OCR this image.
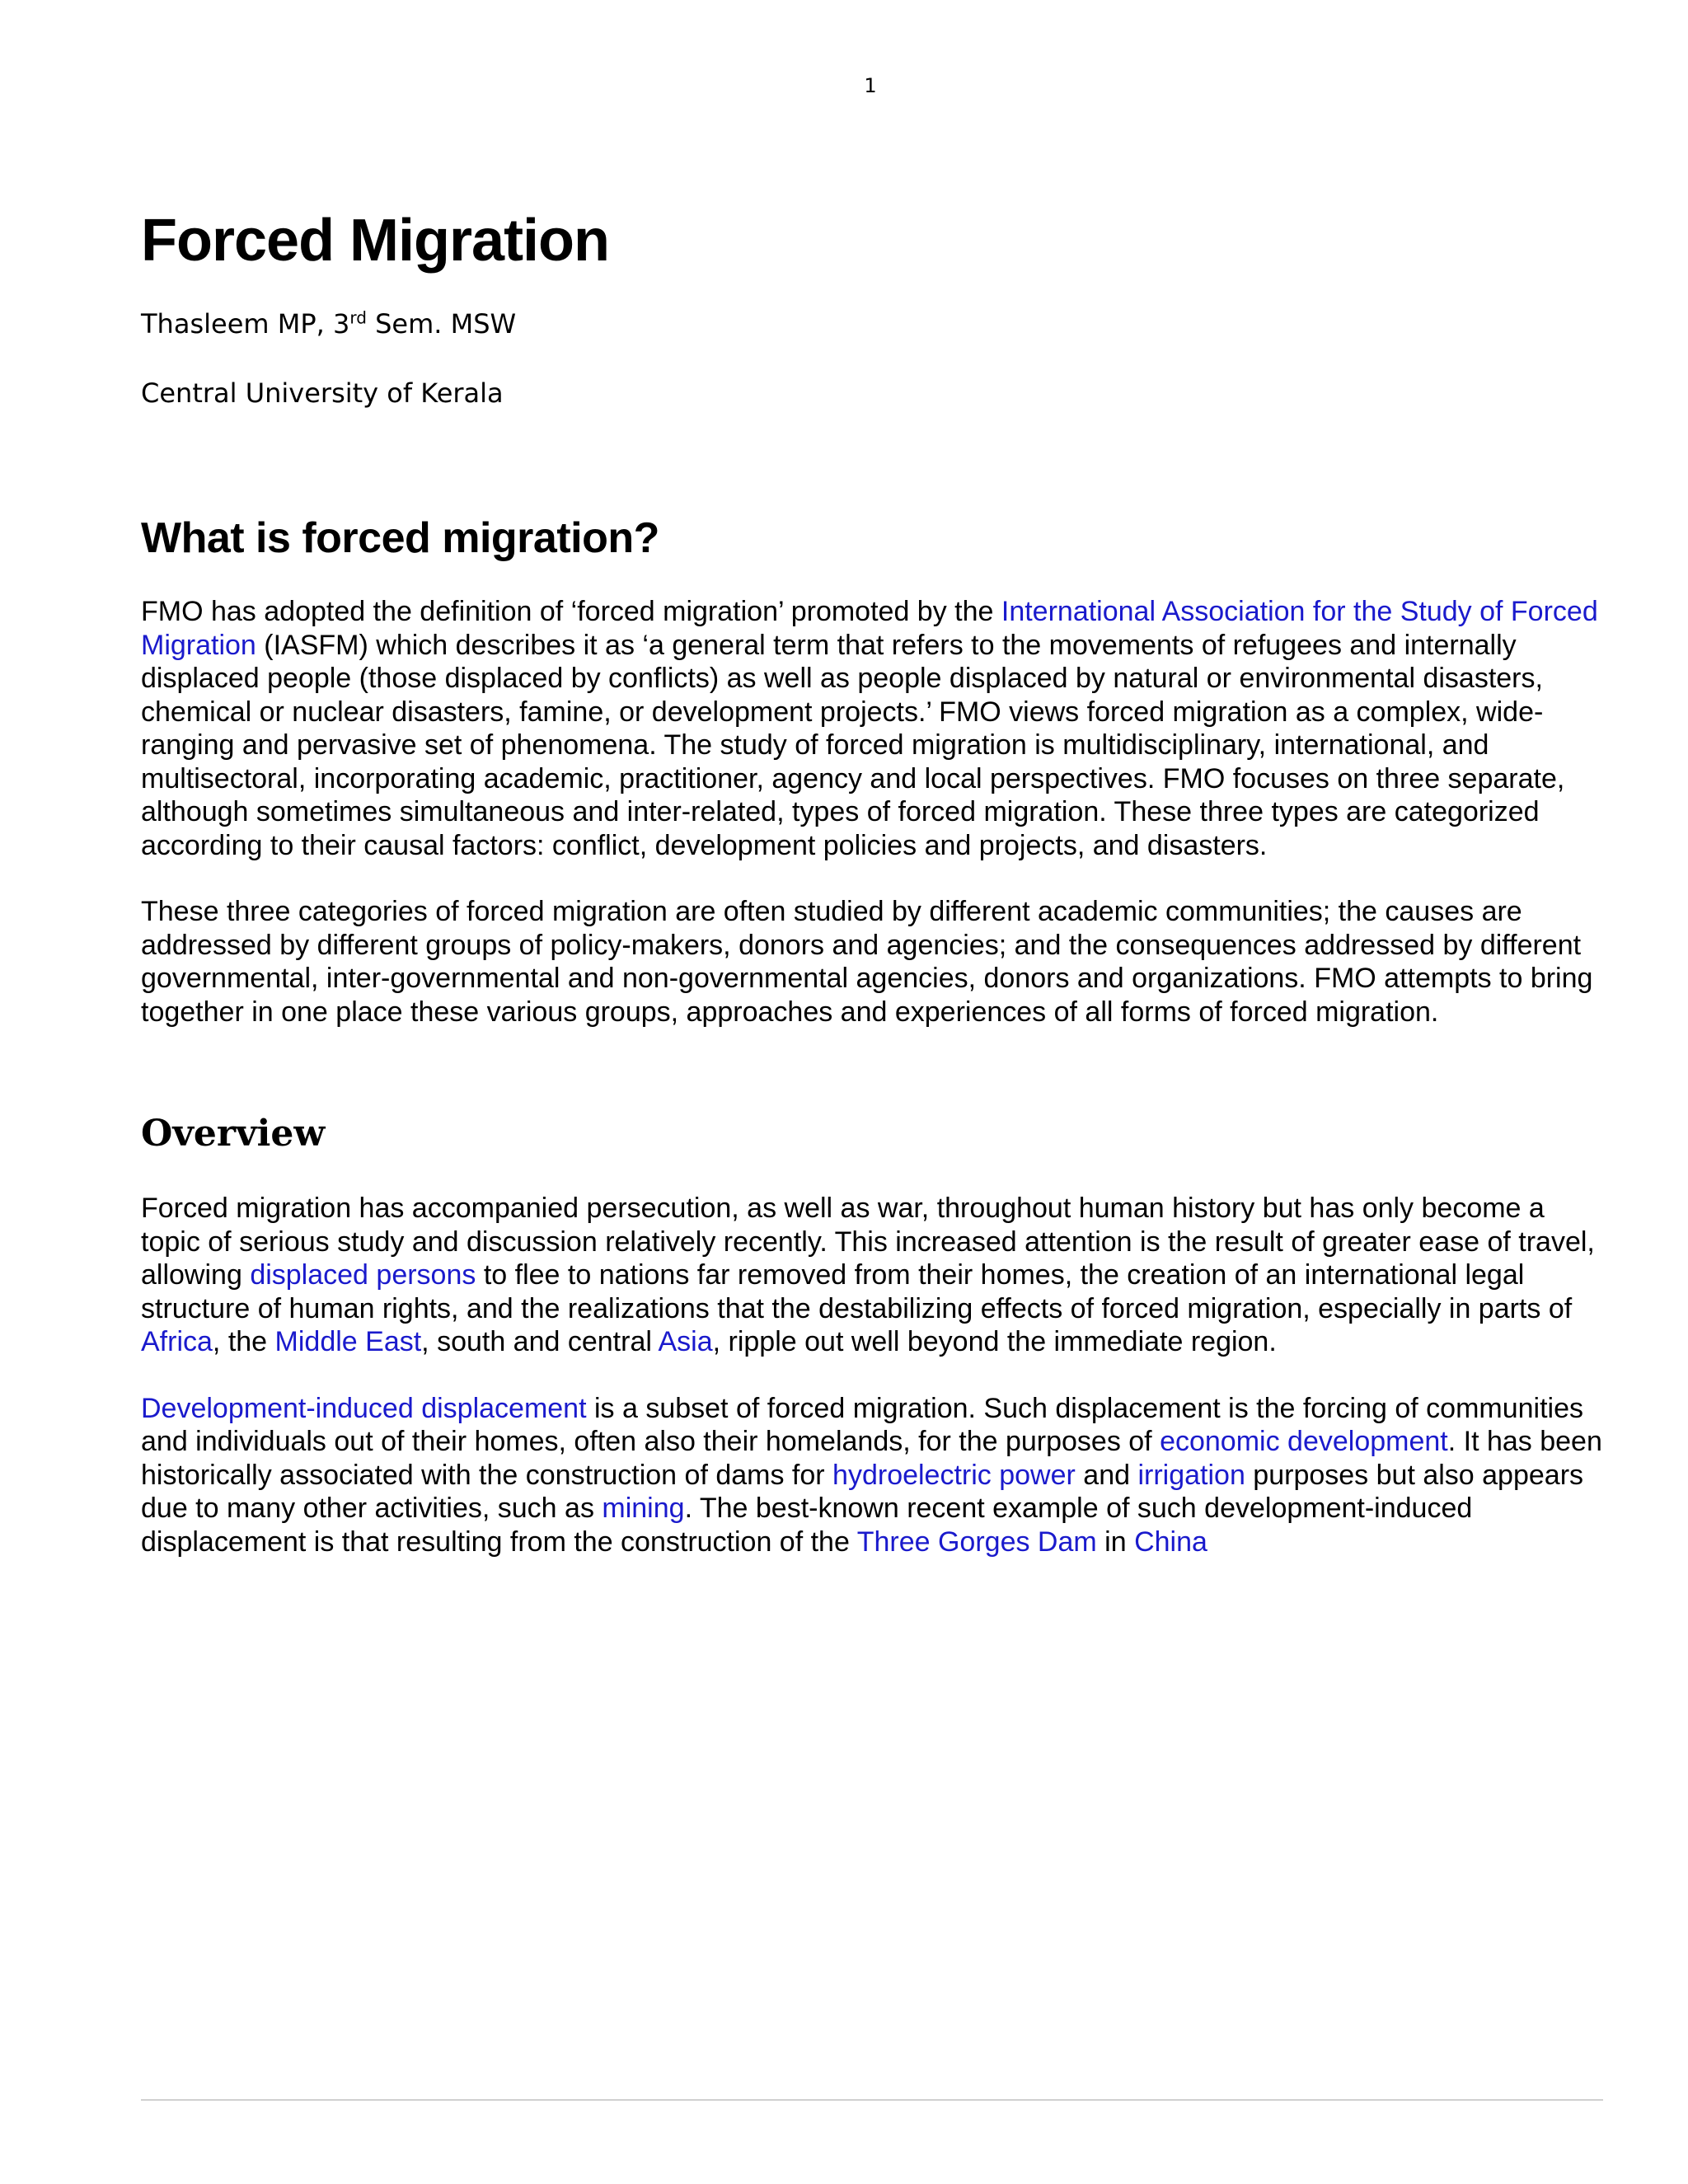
1
Forced Migration
Thasleem MP, 3rd Sem. MSW
Central University of Kerala
What is forced migration?

FMO has adopted the definition of ‘forced migration’ promoted by the International Association for the Study of Forced Migration (IASFM) which describes it as ‘a general term that refers to the movements of refugees and internally displaced people (those displaced by conflicts) as well as people displaced by natural or environmental disasters, chemical or nuclear disasters, famine, or development projects.’ FMO views forced migration as a complex, wide-ranging and pervasive set of phenomena. The study of forced migration is multidisciplinary, international, and multisectoral, incorporating academic, practitioner, agency and local perspectives. FMO focuses on three separate, although sometimes simultaneous and inter-related, types of forced migration. These three types are categorized according to their causal factors: conflict, development policies and projects, and disasters.

These three categories of forced migration are often studied by different academic communities; the causes are addressed by different groups of policy-makers, donors and agencies; and the consequences addressed by different governmental, inter-governmental and non-governmental agencies, donors and organizations. FMO attempts to bring together in one place these various groups, approaches and experiences of all forms of forced migration.

Overview

Forced migration has accompanied persecution, as well as war, throughout human history but has only become a topic of serious study and discussion relatively recently. This increased attention is the result of greater ease of travel, allowing displaced persons to flee to nations far removed from their homes, the creation of an international legal structure of human rights, and the realizations that the destabilizing effects of forced migration, especially in parts of Africa, the Middle East, south and central Asia, ripple out well beyond the immediate region.

Development-induced displacement is a subset of forced migration. Such displacement is the forcing of communities and individuals out of their homes, often also their homelands, for the purposes of economic development. It has been historically associated with the construction of dams for hydroelectric power and irrigation purposes but also appears due to many other activities, such as mining. The best-known recent example of such development-induced displacement is that resulting from the construction of the Three Gorges Dam in China
